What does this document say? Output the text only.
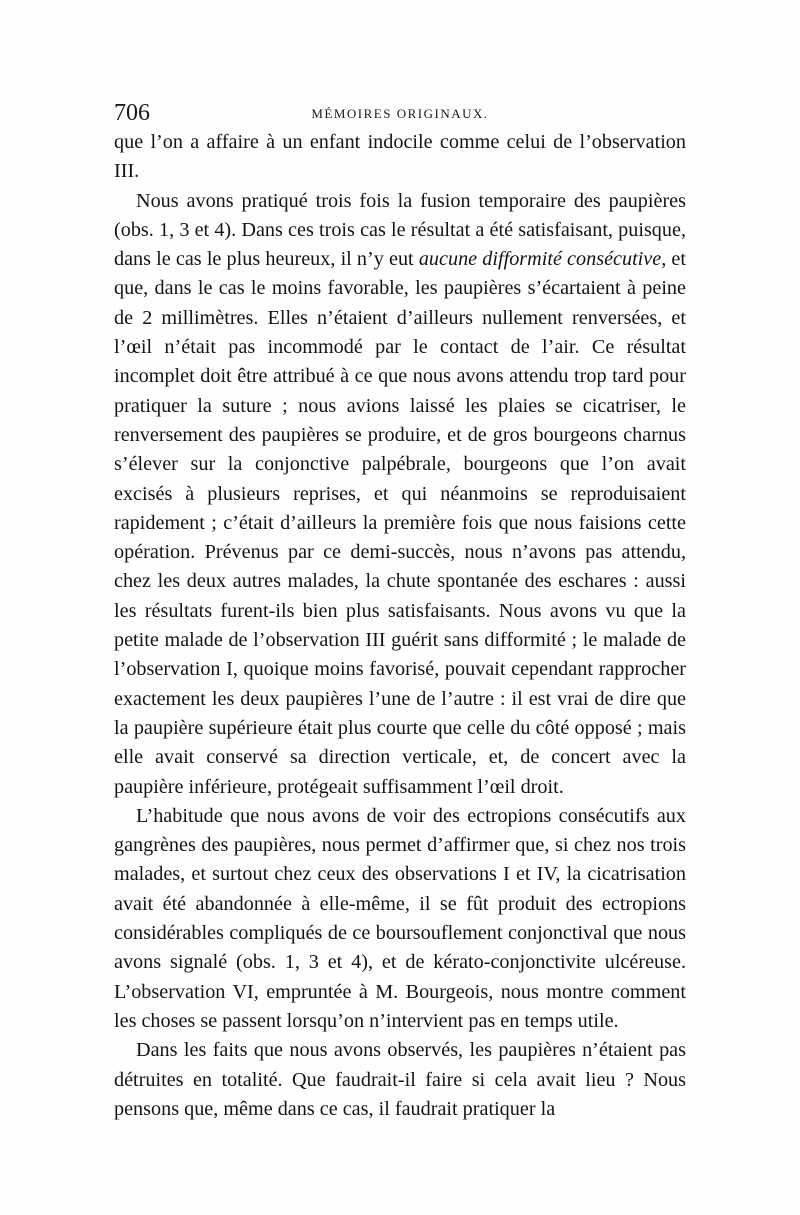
706	MÉMOIRES ORIGINAUX.

que l’on a affaire à un enfant indocile comme celui de l’observation III.

Nous avons pratiqué trois fois la fusion temporaire des paupières (obs. 1, 3 et 4). Dans ces trois cas le résultat a été satisfaisant, puisque, dans le cas le plus heureux, il n’y eut aucune difformité consécutive, et que, dans le cas le moins favorable, les paupières s’écartaient à peine de 2 millimètres. Elles n’étaient d’ailleurs nullement renversées, et l’œil n’était pas incommodé par le contact de l’air. Ce résultat incomplet doit être attribué à ce que nous avons attendu trop tard pour pratiquer la suture ; nous avions laissé les plaies se cicatriser, le renversement des paupières se produire, et de gros bourgeons charnus s’élever sur la conjonctive palpébrale, bourgeons que l’on avait excisés à plusieurs reprises, et qui néanmoins se reproduisaient rapidement ; c’était d’ailleurs la première fois que nous faisions cette opération. Prévenus par ce demi-succès, nous n’avons pas attendu, chez les deux autres malades, la chute spontanée des eschares : aussi les résultats furent-ils bien plus satisfaisants. Nous avons vu que la petite malade de l’observation III guérit sans difformité ; le malade de l’observation I, quoique moins favorisé, pouvait cependant rapprocher exactement les deux paupières l’une de l’autre : il est vrai de dire que la paupière supérieure était plus courte que celle du côté opposé ; mais elle avait conservé sa direction verticale, et, de concert avec la paupière inférieure, protégeait suffisamment l’œil droit.

L’habitude que nous avons de voir des ectropions consécutifs aux gangrènes des paupières, nous permet d’affirmer que, si chez nos trois malades, et surtout chez ceux des observations I et IV, la cicatrisation avait été abandonnée à elle-même, il se fût produit des ectropions considérables compliqués de ce boursouflement conjonctival que nous avons signalé (obs. 1, 3 et 4), et de kérato-conjonctivite ulcéreuse. L’observation VI, empruntée à M. Bourgeois, nous montre comment les choses se passent lorsqu’on n’intervient pas en temps utile.

Dans les faits que nous avons observés, les paupières n’étaient pas détruites en totalité. Que faudrait-il faire si cela avait lieu ? Nous pensons que, même dans ce cas, il faudrait pratiquer la
